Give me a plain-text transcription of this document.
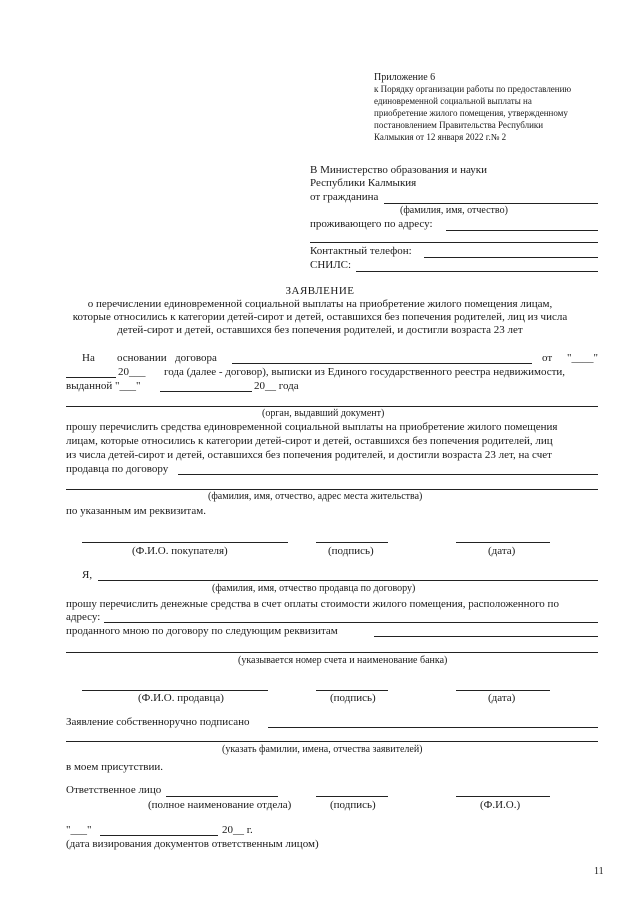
Приложение 6
к Порядку организации работы по предоставлению
единовременной социальной выплаты на
приобретение жилого помещения, утвержденному
постановлением Правительства Республики
Калмыкия от 12 января 2022 г.№ 2
В Министерство образования и науки
Республики Калмыкия
от гражданина
(фамилия, имя, отчество)
проживающего по адресу:
Контактный телефон:
СНИЛС:
ЗАЯВЛЕНИЕ
о перечислении единовременной социальной выплаты на приобретение жилого помещения лицам,
которые относились к категории детей-сирот и детей, оставшихся без попечения родителей, лиц из числа
детей-сирот и детей, оставшихся без попечения родителей, и достигли возраста 23 лет
На основании договора	от "____"
20___ года (далее - договор), выписки из Единого государственного реестра недвижимости,
выданной "___"	20__ года
(орган, выдавший документ)
прошу перечислить средства единовременной социальной выплаты на приобретение жилого помещения
лицам, которые относились к категории детей-сирот и детей, оставшихся без попечения родителей, лиц
из числа детей-сирот и детей, оставшихся без попечения родителей, и достигли возраста 23 лет, на счет
продавца по договору
(фамилия, имя, отчество, адрес места жительства)
по указанным им реквизитам.
(Ф.И.О. покупателя)	(подпись)	(дата)
Я,
(фамилия, имя, отчество продавца по договору)
прошу перечислить денежные средства в счет оплаты стоимости жилого помещения, расположенного по
адресу:
проданного мною по договору по следующим реквизитам
(указывается номер счета и наименование банка)
(Ф.И.О. продавца)	(подпись)	(дата)
Заявление собственноручно подписано
(указать фамилии, имена, отчества заявителей)
в моем присутствии.
Ответственное лицо
(полное наименование отдела)	(подпись)	(Ф.И.О.)
"___"	20__ г.
(дата визирования документов ответственным лицом)
11
